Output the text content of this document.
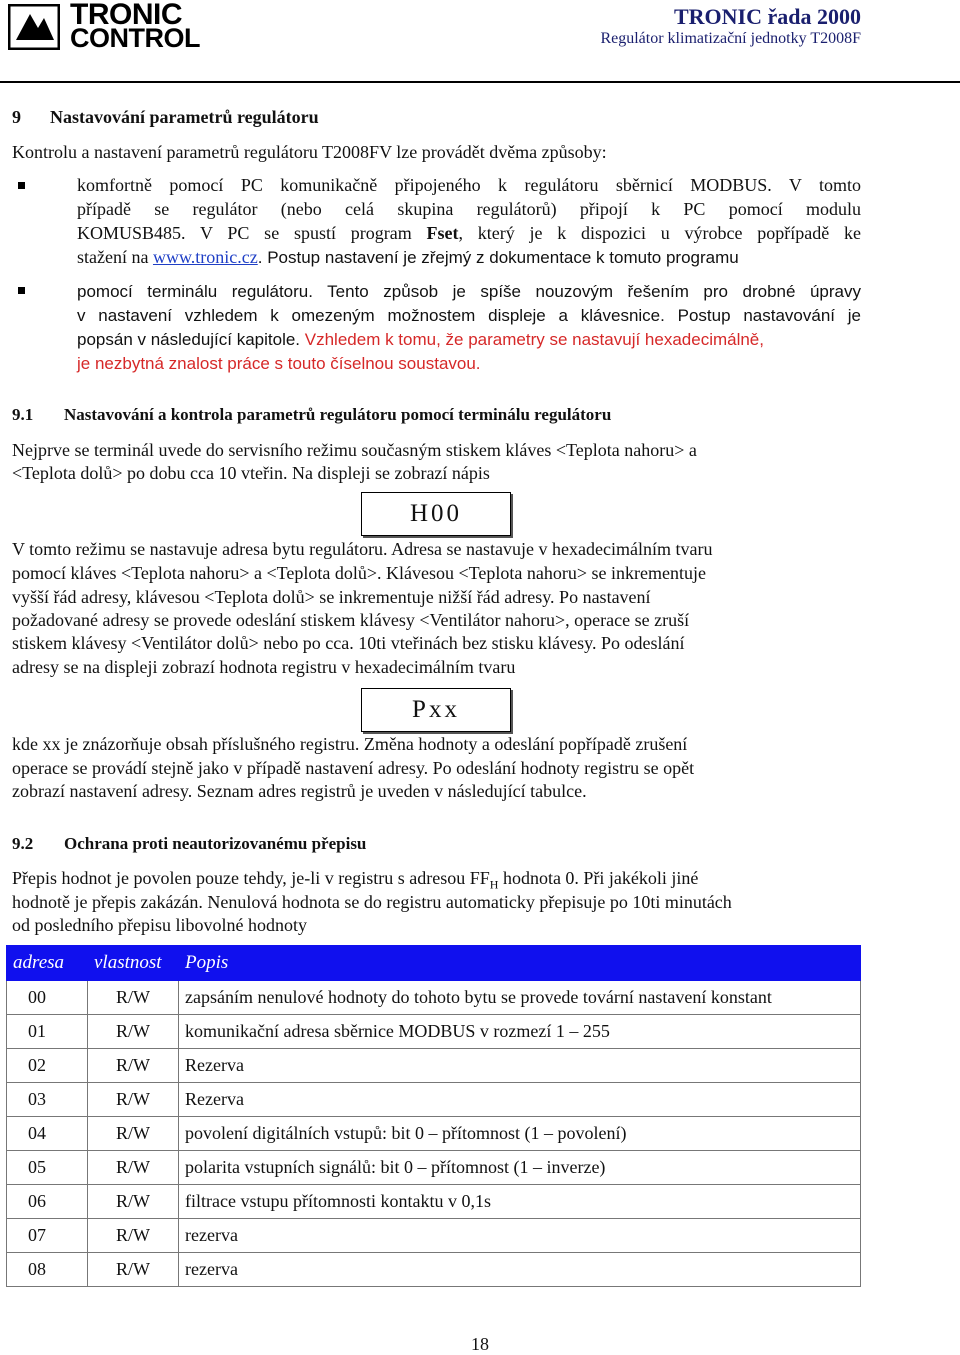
TRONIC
CONTROL
TRONIC řada 2000
Regulátor klimatizační jednotky T2008F
9 Nastavování parametrů regulátoru
Kontrolu a nastavení parametrů regulátoru T2008FV lze provádět dvěma způsoby:
komfortně pomocí PC komunikačně připojeného k regulátoru sběrnicí MODBUS. V tomto
případě se regulátor (nebo celá skupina regulátorů) připojí k PC pomocí modulu
KOMUSB485. V PC se spustí program Fset, který je k dispozici u výrobce popřípadě ke
stažení na www.tronic.cz. Postup nastavení je zřejmý z dokumentace k tomuto programu
pomocí terminálu regulátoru. Tento způsob je spíše nouzovým řešením pro drobné úpravy
v nastavení vzhledem k omezeným možnostem displeje a klávesnice. Postup nastavování je
popsán v následující kapitole. Vzhledem k tomu, že parametry se nastavují hexadecimálně,
je nezbytná znalost práce s touto číselnou soustavou.
9.1 Nastavování a kontrola parametrů regulátoru pomocí terminálu regulátoru
Nejprve se terminál uvede do servisního režimu současným stiskem kláves <Teplota nahoru> a
<Teplota dolů> po dobu cca 10 vteřin. Na displeji se zobrazí nápis
H00
V tomto režimu se nastavuje adresa bytu regulátoru. Adresa se nastavuje v hexadecimálním tvaru
pomocí kláves <Teplota nahoru> a <Teplota dolů>. Klávesou <Teplota nahoru> se inkrementuje
vyšší řád adresy, klávesou <Teplota dolů> se inkrementuje nižší řád adresy. Po nastavení
požadované adresy se provede odeslání stiskem klávesy <Ventilátor nahoru>, operace se zruší
stiskem klávesy <Ventilátor dolů> nebo po cca. 10ti vteřinách bez stisku klávesy. Po odeslání
adresy se na displeji zobrazí hodnota registru v hexadecimálním tvaru
Pxx
kde xx je znázorňuje obsah příslušného registru. Změna hodnoty a odeslání popřípadě zrušení
operace se provádí stejně jako v případě nastavení adresy. Po odeslání hodnoty registru se opět
zobrazí nastavení adresy. Seznam adres registrů je uveden v následující tabulce.
9.2 Ochrana proti neautorizovanému přepisu
Přepis hodnot je povolen pouze tehdy, je-li v registru s adresou $FF_H$ hodnota 0. Při jakékoli jiné
hodnotě je přepis zakázán. Nenulová hodnota se do registru automaticky přepisuje po 10ti minutách
od posledního přepisu libovolné hodnoty
adresa	vlastnost	Popis
00	R/W	zapsáním nenulové hodnoty do tohoto bytu se provede tovární nastavení konstant
01	R/W	komunikační adresa sběrnice MODBUS v rozmezí 1 – 255
02	R/W	Rezerva
03	R/W	Rezerva
04	R/W	povolení digitálních vstupů: bit 0 – přítomnost (1 – povolení)
05	R/W	polarita vstupních signálů: bit 0 – přítomnost (1 – inverze)
06	R/W	filtrace vstupu přítomnosti kontaktu v 0,1s
07	R/W	rezerva
08	R/W	rezerva
18
